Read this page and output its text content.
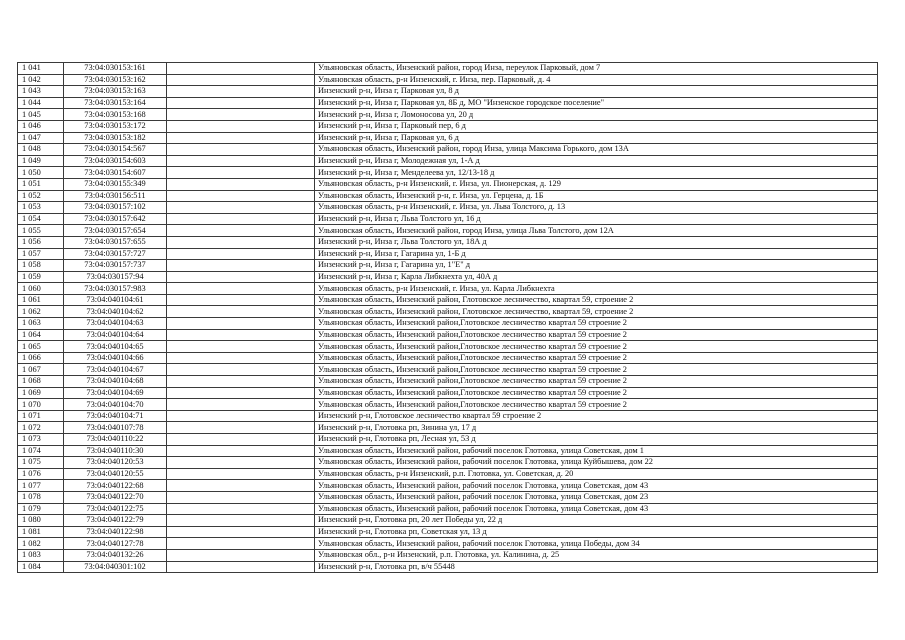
1 041	73:04:030153:161		Ульяновская область, Инзенский район, город Инза, переулок Парковый, дом 7
1 042	73:04:030153:162		Ульяновская область, р-н Инзенский, г. Инза, пер. Парковый, д. 4
1 043	73:04:030153:163		Инзенский р-н, Инза г, Парковая ул, 8 д
1 044	73:04:030153:164		Инзенский р-н, Инза г, Парковая ул, 8Б д, МО "Инзенское городское поселение"
1 045	73:04:030153:168		Инзенский р-н, Инза г, Ломоносова ул, 20 д
1 046	73:04:030153:172		Инзенский р-н, Инза г, Парковый пер, 6 д
1 047	73:04:030153:182		Инзенский р-н, Инза г, Парковая ул, 6 д
1 048	73:04:030154:567		Ульяновская область, Инзенский район, город Инза, улица Максима Горького, дом 13А
1 049	73:04:030154:603		Инзенский р-н, Инза г, Молодежная ул, 1-А д
1 050	73:04:030154:607		Инзенский р-н, Инза г, Менделеева ул, 12/13-18 д
1 051	73:04:030155:349		Ульяновская область, р-н Инзенский, г. Инза, ул. Пионерская, д. 129
1 052	73:04:030156:511		Ульяновская область, Инзенский р-н, г. Инза, ул. Герцена, д. 1Б
1 053	73:04:030157:102		Ульяновская область, р-н Инзенский, г. Инза, ул. Льва Толстого, д. 13
1 054	73:04:030157:642		Инзенский р-н, Инза г, Льва Толстого ул, 16 д
1 055	73:04:030157:654		Ульяновская область, Инзенский район, город Инза, улица Льва Толстого, дом 12А
1 056	73:04:030157:655		Инзенский р-н, Инза г, Льва Толстого ул, 18А д
1 057	73:04:030157:727		Инзенский р-н, Инза г, Гагарина ул, 1-Б д
1 058	73:04:030157:737		Инзенский р-н, Инза г, Гагарина ул, 1"Е" д
1 059	73:04:030157:94		Инзенский р-н, Инза г, Карла Либкнехта ул, 40А д
1 060	73:04:030157:983		Ульяновская область, р-н Инзенский, г. Инза, ул. Карла Либкнехта
1 061	73:04:040104:61		Ульяновская область, Инзенский район, Глотовское лесничество, квартал 59, строение 2
1 062	73:04:040104:62		Ульяновская область, Инзенский район, Глотовское лесничество, квартал 59, строение 2
1 063	73:04:040104:63		Ульяновская область, Инзенский район,Глотовское лесничество квартал 59 строение 2
1 064	73:04:040104:64		Ульяновская область, Инзенский район,Глотовское лесничество квартал 59 строение 2
1 065	73:04:040104:65		Ульяновская область, Инзенский район,Глотовское лесничество квартал 59 строение 2
1 066	73:04:040104:66		Ульяновская область, Инзенский район,Глотовское лесничество квартал 59 строение 2
1 067	73:04:040104:67		Ульяновская область, Инзенский район,Глотовское лесничество квартал 59 строение 2
1 068	73:04:040104:68		Ульяновская область, Инзенский район,Глотовское лесничество квартал 59 строение 2
1 069	73:04:040104:69		Ульяновская область, Инзенский район,Глотовское лесничество квартал 59 строение 2
1 070	73:04:040104:70		Ульяновская область, Инзенский район,Глотовское лесничество квартал 59 строение 2
1 071	73:04:040104:71		Инзенский р-н, Глотовское лесничество квартал 59 строение 2
1 072	73:04:040107:78		Инзенский р-н, Глотовка рп, Зинина ул, 17 д
1 073	73:04:040110:22		Инзенский р-н, Глотовка рп, Лесная ул, 53 д
1 074	73:04:040110:30		Ульяновская область, Инзенский район, рабочий поселок Глотовка, улица Советская, дом 1
1 075	73:04:040120:53		Ульяновская область, Инзенский район, рабочий поселок Глотовка, улица Куйбышева, дом 22
1 076	73:04:040120:55		Ульяновская область, р-н Инзенский, р.п. Глотовка, ул. Советская, д. 20
1 077	73:04:040122:68		Ульяновская область, Инзенский район, рабочий поселок Глотовка, улица Советская, дом 43
1 078	73:04:040122:70		Ульяновская область, Инзенский район, рабочий поселок Глотовка, улица Советская, дом 23
1 079	73:04:040122:75		Ульяновская область, Инзенский район, рабочий поселок Глотовка, улица Советская, дом 43
1 080	73:04:040122:79		Инзенский р-н, Глотовка рп, 20 лет Победы ул, 22 д
1 081	73:04:040122:98		Инзенский р-н, Глотовка рп, Советская ул, 13 д
1 082	73:04:040127:78		Ульяновская область, Инзенский район, рабочий поселок Глотовка, улица Победы, дом 34
1 083	73:04:040132:26		Ульяновская обл., р-н Инзенский, р.п. Глотовка, ул. Калинина, д. 25
1 084	73:04:040301:102		Инзенский р-н, Глотовка рп, в/ч 55448
